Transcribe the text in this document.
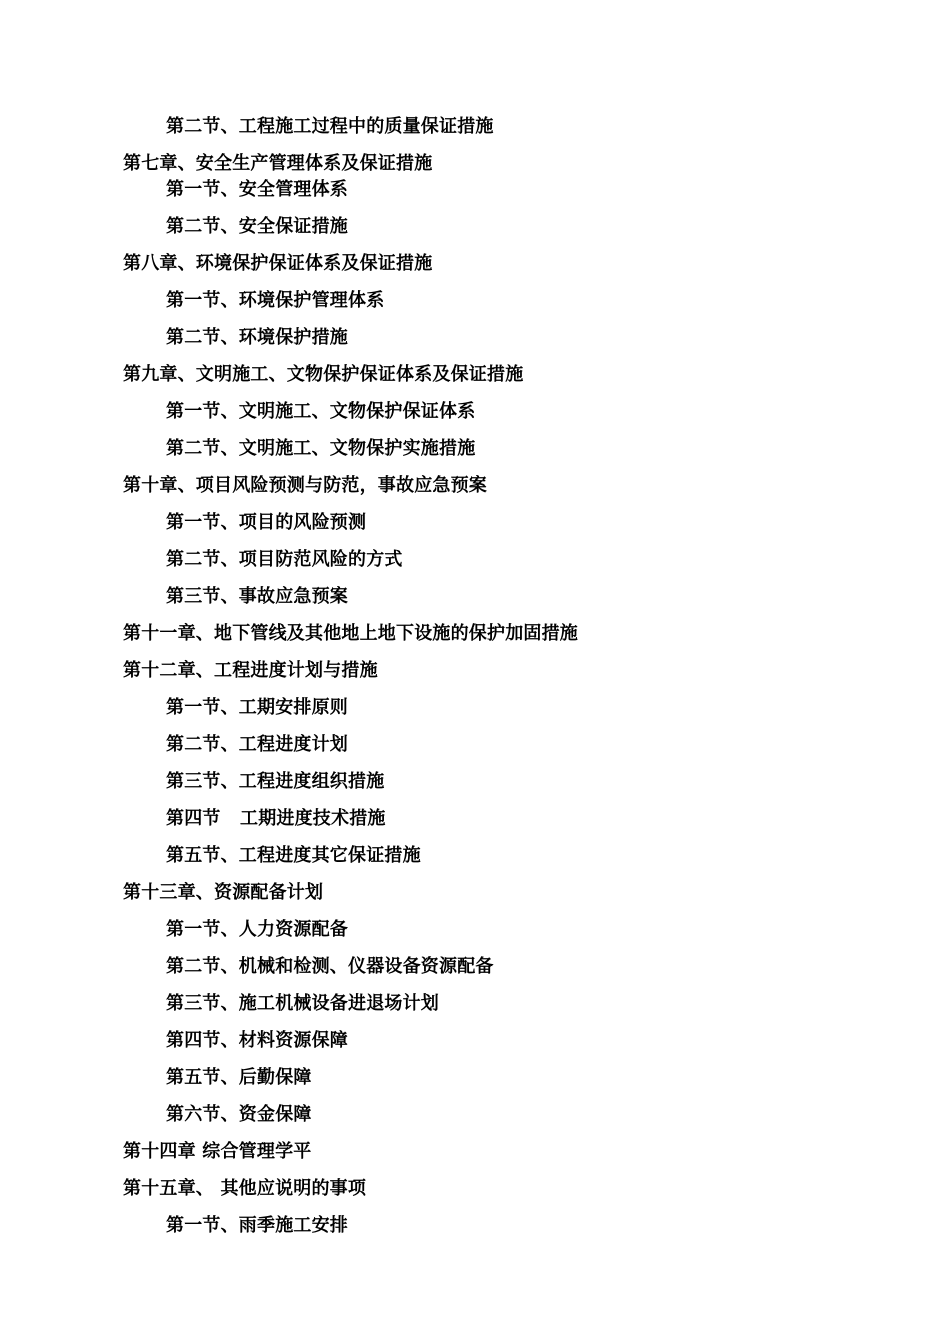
第二节、工程施工过程中的质量保证措施
第七章、安全生产管理体系及保证措施
第一节、安全管理体系
第二节、安全保证措施
第八章、环境保护保证体系及保证措施
第一节、环境保护管理体系
第二节、环境保护措施
第九章、文明施工、文物保护保证体系及保证措施
第一节、文明施工、文物保护保证体系
第二节、文明施工、文物保护实施措施
第十章、项目风险预测与防范，事故应急预案
第一节、项目的风险预测
第二节、项目防范风险的方式
第三节、事故应急预案
第十一章、地下管线及其他地上地下设施的保护加固措施
第十二章、工程进度计划与措施
第一节、工期安排原则
第二节、工程进度计划
第三节、工程进度组织措施
第四节   工期进度技术措施
第五节、工程进度其它保证措施
第十三章、资源配备计划
第一节、人力资源配备
第二节、机械和检测、仪器设备资源配备
第三节、施工机械设备进退场计划
第四节、材料资源保障
第五节、后勤保障
第六节、资金保障
第十四章 综合管理学平
第十五章、 其他应说明的事项
第一节、雨季施工安排
